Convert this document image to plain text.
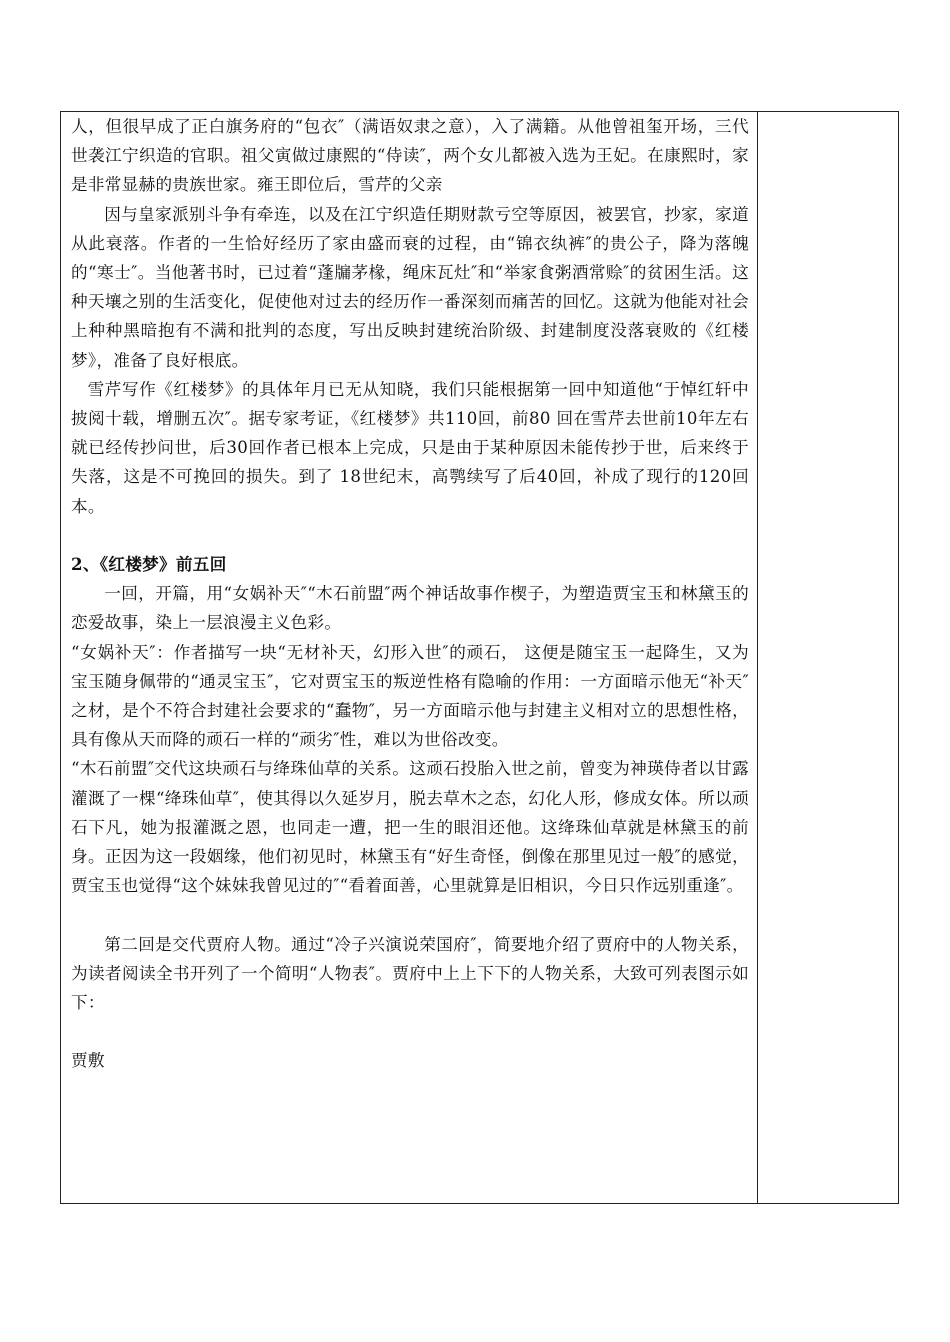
人，但很早成了正白旗务府的“包衣″（满语奴隶之意），入了满籍。从他曾祖玺开场，三代世袭江宁织造的官职。祖父寅做过康熙的“侍读″，两个女儿都被入选为王妃。在康熙时，家是非常显赫的贵族世家。雍王即位后，雪芹的父亲

因与皇家派别斗争有牵连，以及在江宁织造任期财款亏空等原因，被罢官，抄家，家道从此衰落。作者的一生恰好经历了家由盛而衰的过程，由“锦衣纨裤″的贵公子，降为落魄的“寒士″。当他著书时，已过着“蓬牖茅椽，绳床瓦灶″和“举家食粥酒常赊″的贫困生活。这种天壤之别的生活变化，促使他对过去的经历作一番深刻而痛苦的回忆。这就为他能对社会上种种黑暗抱有不满和批判的态度，写出反映封建统治阶级、封建制度没落衰败的《红楼梦》，准备了良好根底。

雪芹写作《红楼梦》的具体年月已无从知晓，我们只能根据第一回中知道他“于悼红轩中披阅十载，增删五次″。据专家考证，《红楼梦》共110回，前80 回在雪芹去世前10年左右就已经传抄问世，后30回作者已根本上完成，只是由于某种原因未能传抄于世，后来终于失落，这是不可挽回的损失。到了 18世纪末，高鹗续写了后40回，补成了现行的120回本。

2、《红楼梦》前五回

一回，开篇，用“女娲补天″“木石前盟″两个神话故事作楔子，为塑造贾宝玉和林黛玉的恋爱故事，染上一层浪漫主义色彩。

“女娲补天″：作者描写一块“无材补天，幻形入世″的顽石， 这便是随宝玉一起降生，又为宝玉随身佩带的“通灵宝玉″，它对贾宝玉的叛逆性格有隐喻的作用：一方面暗示他无“补天″之材，是个不符合封建社会要求的“蠢物″，另一方面暗示他与封建主义相对立的思想性格，具有像从天而降的顽石一样的“顽劣″性，难以为世俗改变。

“木石前盟″交代这块顽石与绛珠仙草的关系。这顽石投胎入世之前，曾变为神瑛侍者以甘露灌溉了一棵“绛珠仙草″，使其得以久延岁月，脱去草木之态，幻化人形，修成女体。所以顽石下凡，她为报灌溉之恩，也同走一遭，把一生的眼泪还他。这绛珠仙草就是林黛玉的前身。正因为这一段姻缘，他们初见时，林黛玉有“好生奇怪，倒像在那里见过一般″的感觉，贾宝玉也觉得“这个妹妹我曾见过的″“看着面善，心里就算是旧相识，今日只作远别重逢″。

第二回是交代贾府人物。通过“冷子兴演说荣国府″，简要地介绍了贾府中的人物关系，为读者阅读全书开列了一个简明“人物表″。贾府中上上下下的人物关系，大致可列表图示如下：

贾敷
